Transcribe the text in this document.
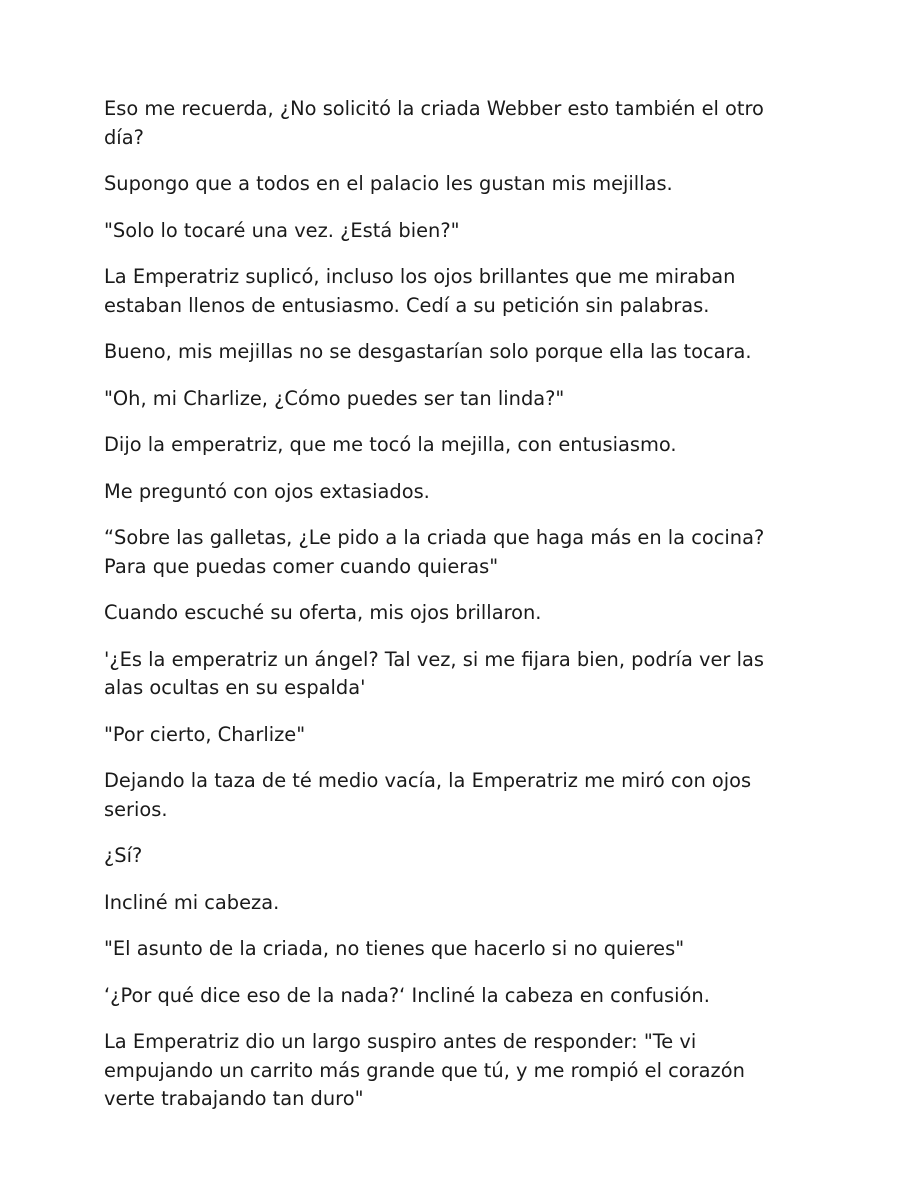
Eso me recuerda, ¿No solicitó la criada Webber esto también el otro día?

Supongo que a todos en el palacio les gustan mis mejillas.

"Solo lo tocaré una vez. ¿Está bien?"

La Emperatriz suplicó, incluso los ojos brillantes que me miraban estaban llenos de entusiasmo. Cedí a su petición sin palabras.

Bueno, mis mejillas no se desgastarían solo porque ella las tocara.

"Oh, mi Charlize, ¿Cómo puedes ser tan linda?"

Dijo la emperatriz, que me tocó la mejilla, con entusiasmo.

Me preguntó con ojos extasiados.

“Sobre las galletas, ¿Le pido a la criada que haga más en la cocina? Para que puedas comer cuando quieras"

Cuando escuché su oferta, mis ojos brillaron.

'¿Es la emperatriz un ángel? Tal vez, si me fijara bien, podría ver las alas ocultas en su espalda'

"Por cierto, Charlize"

Dejando la taza de té medio vacía, la Emperatriz me miró con ojos serios.

¿Sí?

Incliné mi cabeza.

"El asunto de la criada, no tienes que hacerlo si no quieres"

‘¿Por qué dice eso de la nada?‘ Incliné la cabeza en confusión.

La Emperatriz dio un largo suspiro antes de responder: "Te vi empujando un carrito más grande que tú, y me rompió el corazón verte trabajando tan duro"
